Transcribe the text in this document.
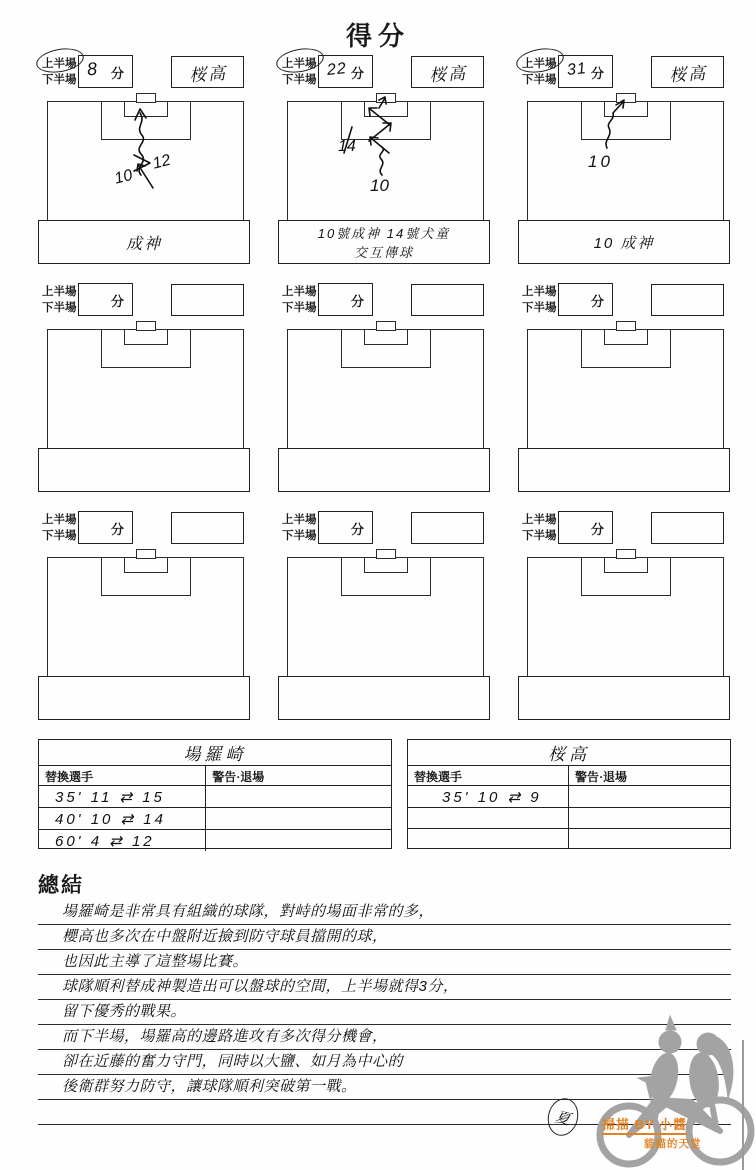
得分
上半場
下半場
8 分	桜高
10
12
成神
上半場
下半場
22 分	桜高
14
10
10號成神 14號犬童
交互傳球
上半場
下半場
31 分	桜高
10
10 成神
上半場
下半場	分
上半場
下半場	分
上半場
下半場	分
上半場
下半場	分
上半場
下半場	分
上半場
下半場	分
場羅崎
替換選手	警告·退場
35' 11 ⇄ 15
40' 10 ⇄ 14
60' 4 ⇄ 12
桜高
替換選手	警告·退場
35' 10 ⇄ 9
總結
場羅崎是非常具有組織的球隊，對峙的場面非常的多，
櫻高也多次在中盤附近撿到防守球員擋開的球，
也因此主導了這整場比賽。
球隊順利替成神製造出可以盤球的空間，上半場就得3分，
留下優秀的戰果。
而下半場，場羅高的邊路進攻有多次得分機會，
卻在近藤的奮力守門，同時以大鹽、如月為中心的
後衛群努力防守，讓球隊順利突破第一戰。
夏	掃描 BY 小醬
貓貓的天堂
